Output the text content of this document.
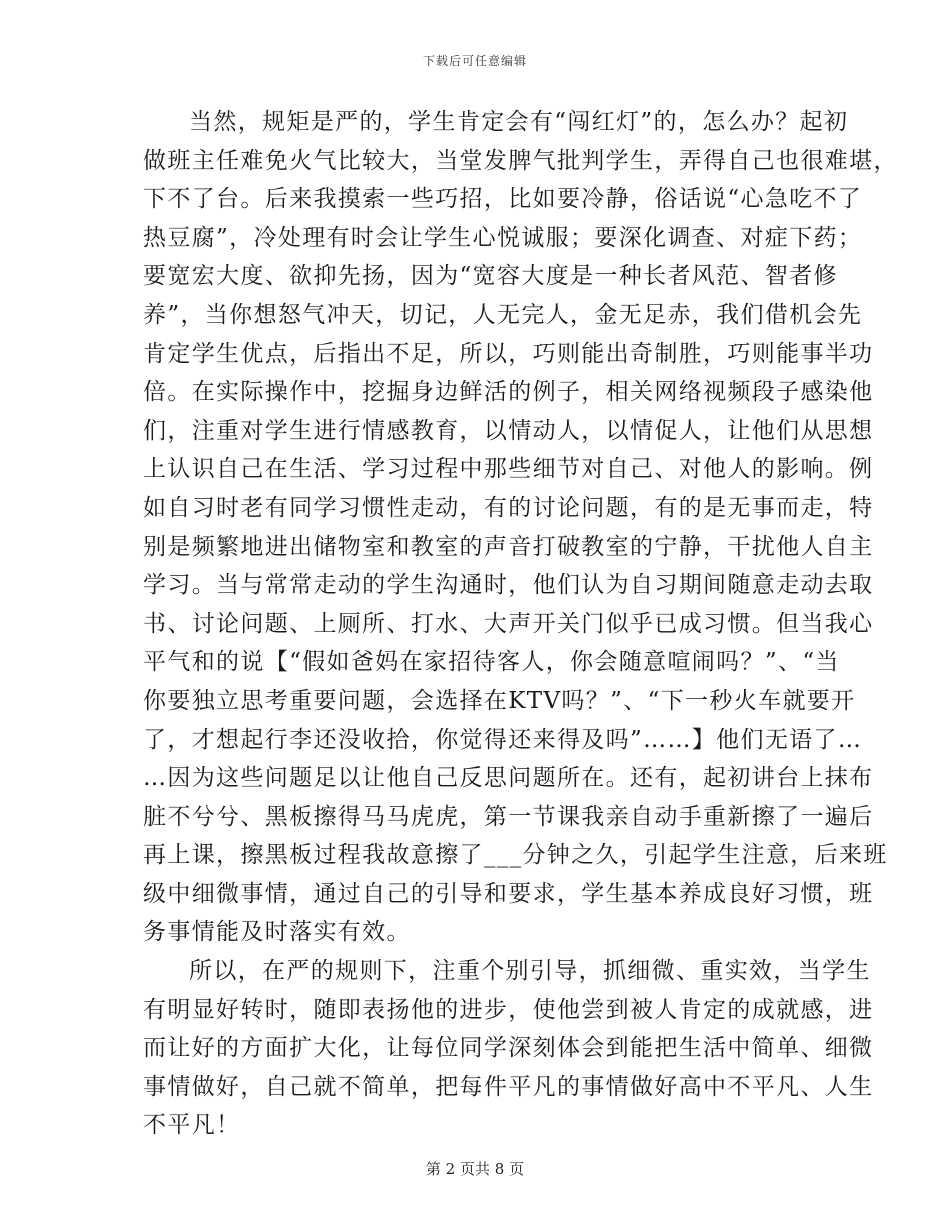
下载后可任意编辑
当然，规矩是严的，学生肯定会有“闯红灯”的，怎么办？起初
做班主任难免火气比较大，当堂发脾气批判学生，弄得自己也很难堪，
下不了台。后来我摸索一些巧招，比如要冷静，俗话说“心急吃不了
热豆腐”，冷处理有时会让学生心悦诚服；要深化调查、对症下药；
要宽宏大度、欲抑先扬，因为“宽容大度是一种长者风范、智者修
养”，当你想怒气冲天，切记，人无完人，金无足赤，我们借机会先
肯定学生优点，后指出不足，所以，巧则能出奇制胜，巧则能事半功
倍。在实际操作中，挖掘身边鲜活的例子，相关网络视频段子感染他
们，注重对学生进行情感教育，以情动人，以情促人，让他们从思想
上认识自己在生活、学习过程中那些细节对自己、对他人的影响。例
如自习时老有同学习惯性走动，有的讨论问题，有的是无事而走，特
别是频繁地进出储物室和教室的声音打破教室的宁静，干扰他人自主
学习。当与常常走动的学生沟通时，他们认为自习期间随意走动去取
书、讨论问题、上厕所、打水、大声开关门似乎已成习惯。但当我心
平气和的说【“假如爸妈在家招待客人，你会随意喧闹吗？”、“当
你要独立思考重要问题，会选择在KTV吗？”、“下一秒火车就要开
了，才想起行李还没收拾，你觉得还来得及吗”……】他们无语了…
…因为这些问题足以让他自己反思问题所在。还有，起初讲台上抹布
脏不兮兮、黑板擦得马马虎虎，第一节课我亲自动手重新擦了一遍后
再上课，擦黑板过程我故意擦了___分钟之久，引起学生注意，后来班
级中细微事情，通过自己的引导和要求，学生基本养成良好习惯，班
务事情能及时落实有效。
所以，在严的规则下，注重个别引导，抓细微、重实效，当学生
有明显好转时，随即表扬他的进步，使他尝到被人肯定的成就感，进
而让好的方面扩大化，让每位同学深刻体会到能把生活中简单、细微
事情做好，自己就不简单，把每件平凡的事情做好高中不平凡、人生
不平凡！
第 2 页共 8 页
